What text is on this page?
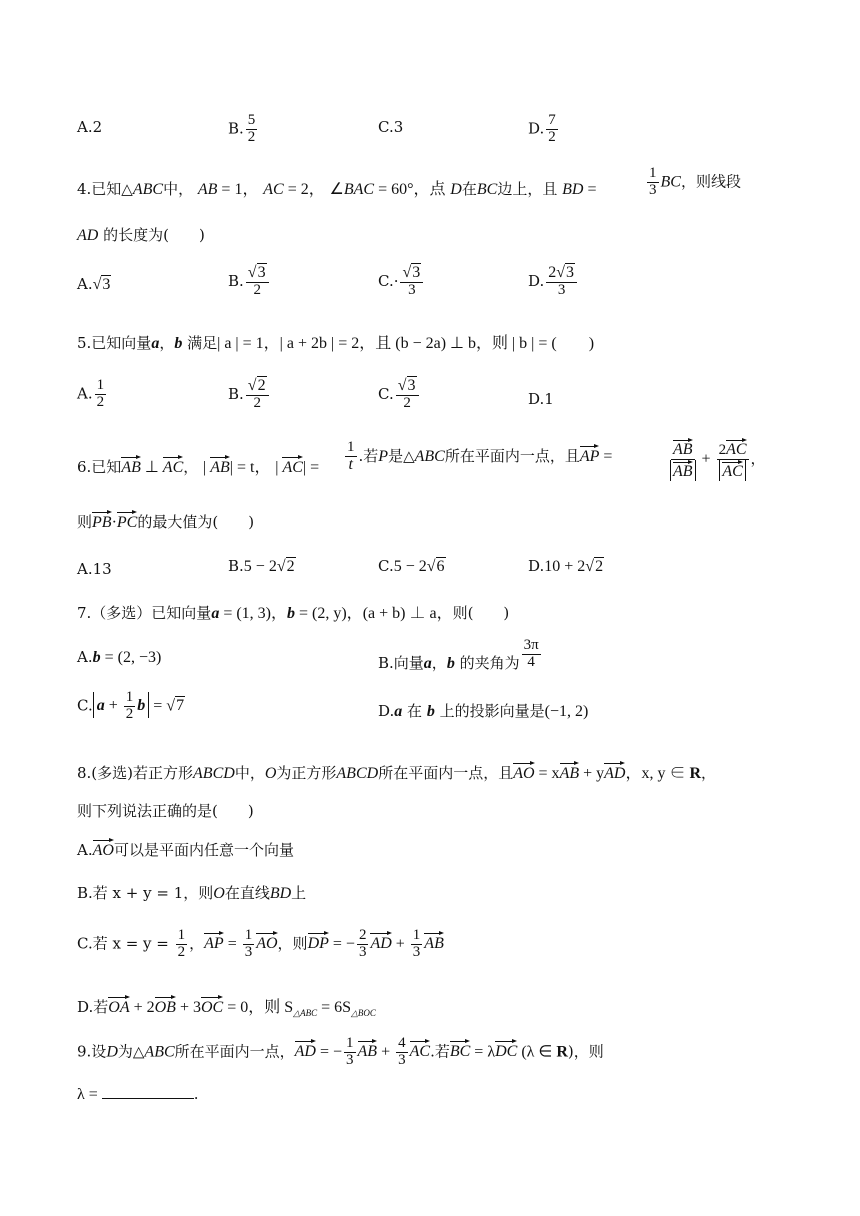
A.2	B. $\frac{5}{2}$	C.3	D. $\frac{7}{2}$
4.已知△ABC中， AB = 1， AC = 2， ∠BAC = 60°，点 D在BC边上，且 BD =	$\frac{1}{3}$ BC，则线段
AD 的长度为(　　)
A.√3	B. $\frac{√3}{2}$	$C.\cdot \frac{√3}{3}$	D. $\frac{2√3}{3}$
5.已知向量a，b 满足| a | = 1，| a + 2b | = 2，且 (b − 2a) ⊥ b，则 | b | = (　　)
A. $\frac{1}{2}$	B. $\frac{√2}{2}$	C. $\frac{√3}{2}$	D.1
6.已知AB ⊥ AC， | AB| = t， | $AC| = \frac{1}{t}$ .若P是△ABC所在平面内一点，且AP =	$\frac{AB}{AB} + \frac{2AC}{AC}$ ，
则PB·PC的最大值为(　　)
A.13	B.5 − 2√2	C.5 − 2√6	D.10 + 2√2
7.（多选）已知向量a = (1, 3)，b = (2, y)，(a + b) ⊥ a，则(　　)
A.b = (2, −3)	B.向量a，b 的夹角为 $\frac{3\pi}{4}$
C. $a + \frac{1}{2}$ b = √7	D.a 在 b 上的投影向量是(−1, 2)
8.(多选)若正方形ABCD中，O为正方形ABCD所在平面内一点，且AO = xAB + yAD，x, y ∈ R，
则下列说法正确的是(　　)
A.AO可以是平面内任意一个向量
B.若 x + y = 1，则O在直线BD上
C.若 $x = y = \frac{1}{2}$ ，AP = $\frac{1}{3}$ AO，则DP = − $\frac{2}{3}$ AD + $\frac{1}{3}$ AB
D.若OA + 2OB + 3OC = 0，则 $S_{\triangle ABC} = 6S_{\triangle BOC}$
9.设D为△ABC所在平面内一点，AD = − $\frac{1}{3}$ AB + $\frac{4}{3}$ AC.若BC = λDC (λ ∈ R)，则
λ =	.
